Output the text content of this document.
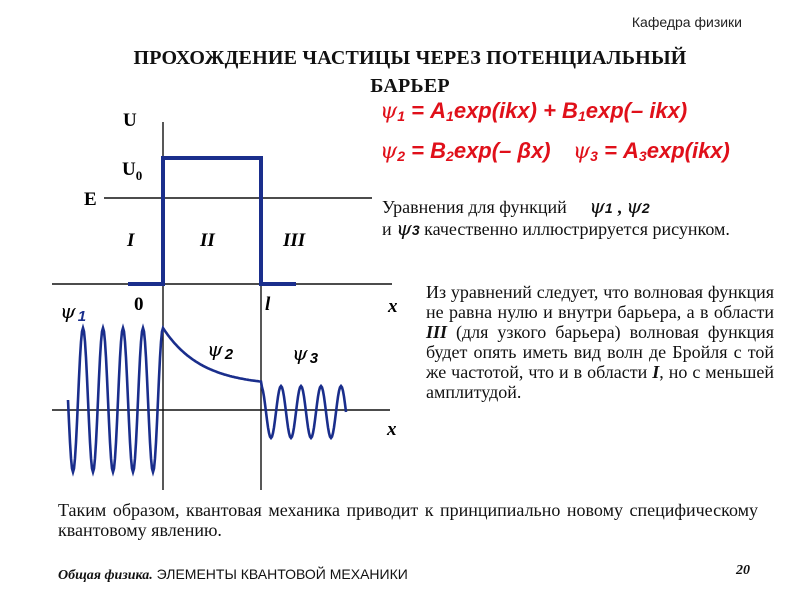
Кафедра физики
ПРОХОЖДЕНИЕ ЧАСТИЦЫ ЧЕРЕЗ ПОТЕНЦИАЛЬНЫЙ
БАРЬЕР
$\psi_1 = A_1\exp(ikx) + B_1\exp(-$ ikx)
$\psi_2 = B_2\exp(-$ βx) $\psi_3 = A_3\exp(ikx)$
U
$U_0$
E
I	II	III
0	l	x
x
ψ 1
ψ 2	ψ 3
Уравнения для функций ψ1 , ψ2
и ψ3 качественно иллюстрируется рисунком.
Из уравнений следует, что волновая функция не равна нулю и внутри барьера, а в области III (для узкого барьера) волновая функция будет опять иметь вид волн де Бройля с той же частотой, что и в области I, но с меньшей амплитудой.
Таким образом, квантовая механика приводит к принципиально новому специфическому квантовому явлению.
Общая физика. ЭЛЕМЕНТЫ КВАНТОВОЙ МЕХАНИКИ	20
